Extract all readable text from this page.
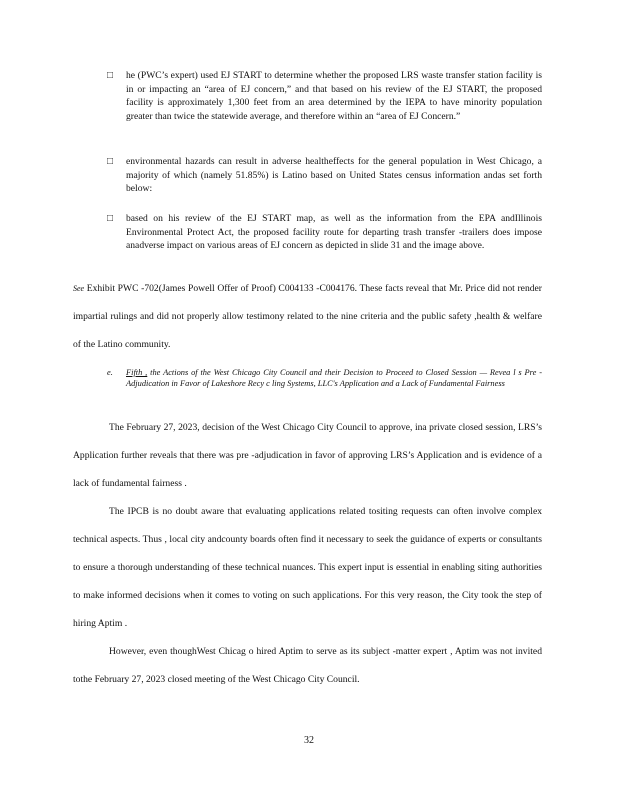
□ he (PWC’s expert) used EJ START to determine whether the proposed LRS waste transfer station facility is in or impacting an “area of EJ concern,” and that based on his review of the EJ START, the proposed facility is approximately 1,300 feet from an area determined by the IEPA to have minority population greater than twice the statewide average, and therefore within an “area of EJ Concern.”
□ environmental hazards can result in adverse healtheffects for the general population in West Chicago, a majority of which (namely 51.85%) is Latino based on United States census information andas set forth below:
□ based on his review of the EJ START map, as well as the information from the EPA andIllinois Environmental Protect Act, the proposed facility route for departing trash transfer -trailers does impose anadverse impact on various areas of EJ concern as depicted in slide 31 and the image above.
See Exhibit PWC -702(James Powell Offer of Proof) C004133 -C004176. These facts reveal that Mr. Price did not render impartial rulings and did not properly allow testimony related to the nine criteria and the public safety ,health & welfare of the Latino community.
e. Fifth , the Actions of the West Chicago City Council and their Decision to Proceed to Closed Session — Revea l s Pre -Adjudication in Favor of Lakeshore Recy c ling Systems, LLC's Application and a Lack of Fundamental Fairness
The February 27, 2023, decision of the West Chicago City Council to approve, ina private closed session, LRS’s Application further reveals that there was pre -adjudication in favor of approving LRS’s Application and is evidence of a lack of fundamental fairness .
The IPCB is no doubt aware that evaluating applications related tositing requests can often involve complex technical aspects. Thus , local city andcounty boards often find it necessary to seek the guidance of experts or consultants to ensure a thorough understanding of these technical nuances. This expert input is essential in enabling siting authorities to make informed decisions when it comes to voting on such applications. For this very reason, the City took the step of hiring Aptim .
However, even thoughWest Chicag o hired Aptim to serve as its subject -matter expert , Aptim was not invited tothe February 27, 2023 closed meeting of the West Chicago City Council.
32
